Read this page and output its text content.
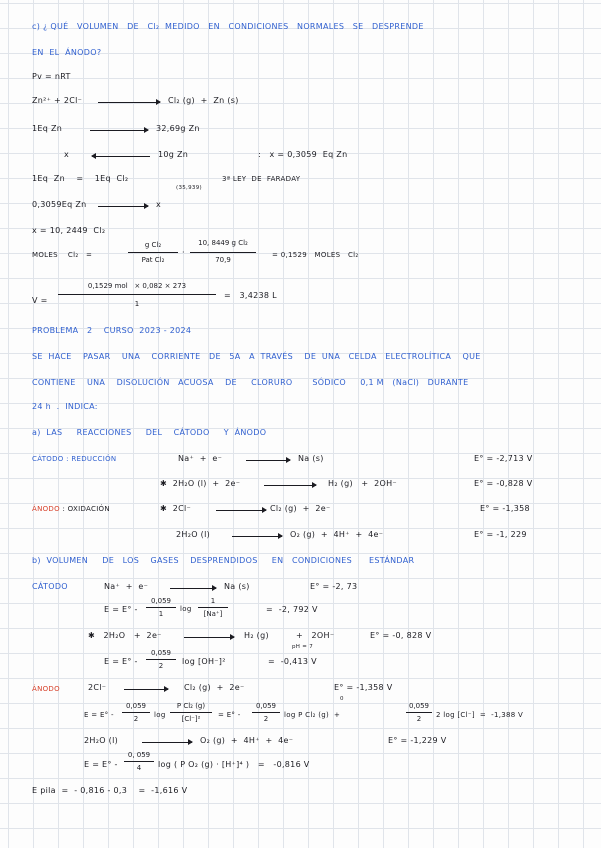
c) ¿ QUÉ   VOLUMEN   DE   Cl₂  MEDIDO   EN   CONDICIONES   NORMALES   SE   DESPRENDE
EN  EL  ÁNODO?
Pv = nRT
Zn²⁺ + 2Cl⁻ → Cl₂ (g)  +  Zn (s)
1Eq Zn	32,69g Zn
x	10g Zn	:   x = 0,3059  Eq Zn
1Eq  Zn    =    1Eq  Cl₂
(35,939)
3ª LEY  DE  FARADAY
0,3059Eq Zn	x
x = 10, 2449  Cl₂
MOLES    Cl₂   =
g Cl₂
Pat Cl₂
·
10, 8449 g Cl₂
70,9
= 0,1529   MOLES   Cl₂
V =
0,1529 mol   × 0,082 × 273
1
=   3,4238 L
PROBLEMA   2    CURSO  2023 - 2024
SE  HACE    PASAR    UNA    CORRIENTE   DE   5A   A  TRAVÉS    DE  UNA   CELDA   ELECTROLÍTICA    QUE
CONTIENE    UNA    DISOLUCIÓN   ACUOSA    DE     CLORURO       SÓDICO     0,1 M   (NaCl)   DURANTE
24 h  .  INDICA:
a)  LAS     REACCIONES     DEL    CÁTODO     Y  ÁNODO
CÁTODO : REDUCCIÓN	Na⁺  +  e⁻	Na (s)	E° = -2,713 V
✱  2H₂O (l)  +  2e⁻	H₂ (g)   +  2OH⁻	E° = -0,828 V
ÁNODO : OXIDACIÓN	✱  2Cl⁻	Cl₂ (g)  +  2e⁻	E° = -1,358
2H₂O (l)	O₂ (g)  +  4H⁺  +  4e⁻	E° = -1, 229
b)  VOLUMEN     DE   LOS    GASES    DESPRENDIDOS     EN   CONDICIONES      ESTÁNDAR
CÁTODO	Na⁺  +  e⁻	Na (s)	E° = -2, 73
E = E° -
0,059
1
log
1
[Na⁺]	=  -2, 792 V
✱   2H₂O   +  2e⁻	H₂ (g)	+   2OH⁻	E° = -0, 828 V
pH = 7
E = E° -
0,059
2	log [OH⁻]²	=  -0,413 V
ÁNODO	2Cl⁻	Cl₂ (g)  +  2e⁻	E° = -1,358 V
E = E° -
0,059
2	log
P Cl₂ (g)
[Cl⁻]²	= E° -
0,059
2
0
log P Cl₂ (g)  +
0,059
2	2 log [Cl⁻]  =  -1,388 V
2H₂O (l)	O₂ (g)  +  4H⁺  +  4e⁻	E° = -1,229 V
E = E° -
0, 059
4	log ( P O₂ (g) · [H⁺]⁴ )   =   -0,816 V
E pila  =  - 0,816 - 0,3    =  -1,616 V
